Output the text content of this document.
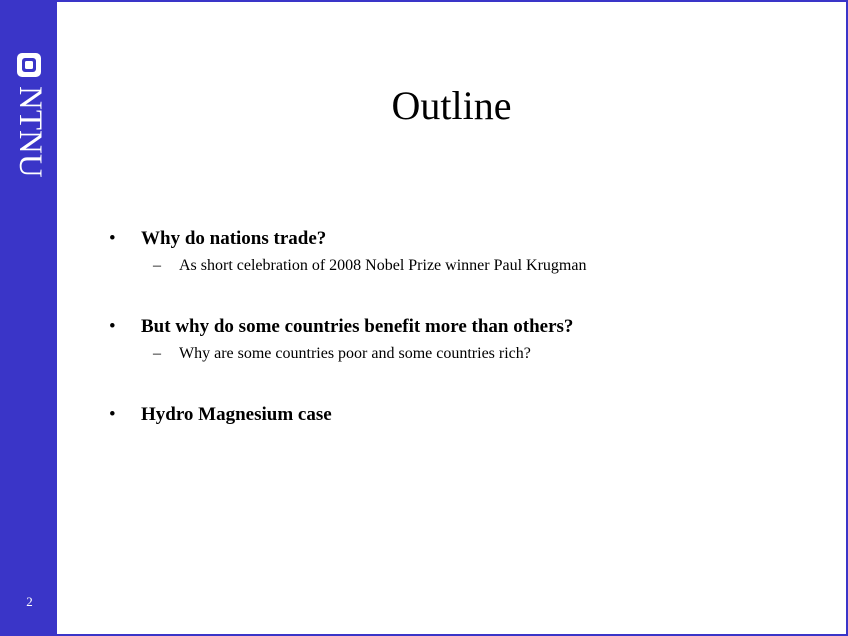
NTNU
2
Outline
• Why do nations trade?
– As short celebration of 2008 Nobel Prize winner Paul Krugman
• But why do some countries benefit more than others?
– Why are some countries poor and some countries rich?
• Hydro Magnesium case
